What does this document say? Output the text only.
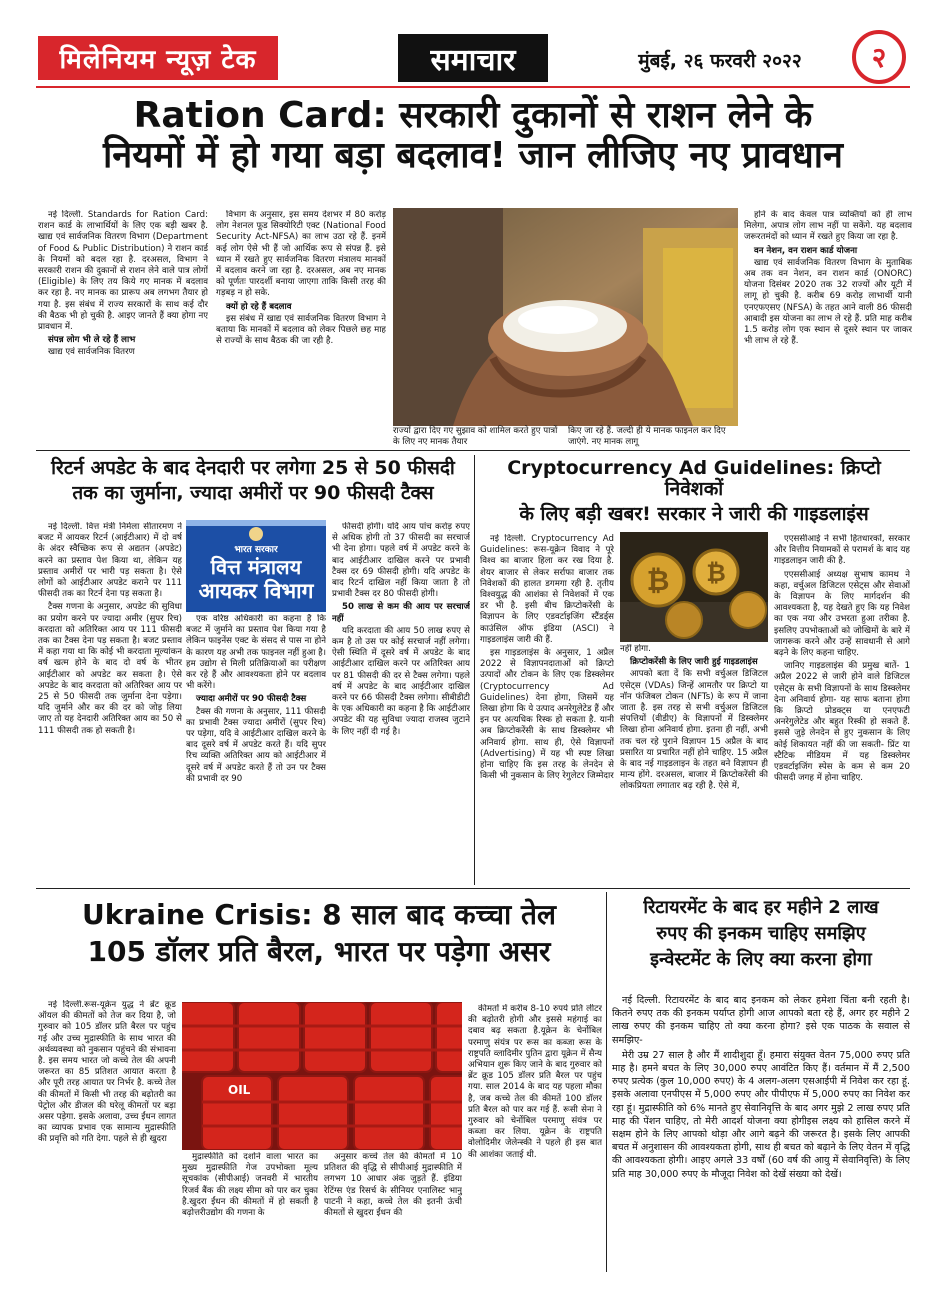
मिलेनियम न्यूज़ टेक	समाचार	मुंबई, २६ फरवरी २०२२ २
Ration Card: सरकारी दुकानों से राशन लेने के
नियमों में हो गया बड़ा बदलाव! जान लीजिए नए प्रावधान

नई दिल्ली. Standards for Ration Card: राशन कार्ड के लाभार्थियों के लिए एक बड़ी खबर है. खाद्य एवं सार्वजनिक वितरण विभाग (Department of Food & Public Distribution) ने राशन कार्ड के नियमों को बदल रहा है. दरअसल, विभाग ने सरकारी राशन की दुकानों से राशन लेने वाले पात्र लोगों (Eligible) के लिए तय किये गए मानक में बदलाव कर रहा है. नए मानक का प्रारूप अब लगभग तैयार हो गया है. इस संबंध में राज्य सरकारों के साथ कई दौर की बैठक भी हो चुकी है. आइए जानते हैं क्या होगा नए प्रावधान में.

संपन्न लोग भी ले रहे हैं लाभ

खाद्य एवं सार्वजनिक वितरण

विभाग के अनुसार, इस समय देशभर में 80 करोड़ लोग नेशनल फूड सिक्योरिटी एक्ट (National Food Security Act-NFSA) का लाभ उठा रहे हैं. इनमें कई लोग ऐसे भी हैं जो आर्थिक रूप से संपन्न हैं. इसे ध्यान में रखते हुए सार्वजनिक वितरण मंत्रालय मानकों में बदलाव करने जा रहा है. दरअसल, अब नए मानक को पूर्णतः पारदर्शी बनाया जाएगा ताकि किसी तरह की गड़बड़ न हो सके.

क्यों हो रहे हैं बदलाव

इस संबंध में खाद्य एवं सार्वजनिक वितरण विभाग ने बताया कि मानकों में बदलाव को लेकर पिछले छह माह से राज्यों के साथ बैठक की जा रही है.

राज्यों द्वारा दिए गए सुझाव को शामिल करते हुए पात्रों के लिए नए मानक तैयार
किए जा रहे हैं. जल्दी ही ये मानक फाइनल कर दिए जाएंगे. नए मानक लागू

होने के बाद केवल पात्र व्यक्तियों को ही लाभ मिलेगा, अपात्र लोग लाभ नहीं पा सकेंगे. यह बदलाव जरूरतमंदों को ध्यान में रखते हुए किया जा रहा है.

वन नेशन, वन राशन कार्ड योजना

खाद्य एवं सार्वजनिक वितरण विभाग के मुताबिक अब तक वन नेशन, वन राशन कार्ड (ONORC) योजना दिसंबर 2020 तक 32 राज्यों और यूटी में लागू हो चुकी है. करीब 69 करोड़ लाभार्थी यानी एनएफएसए (NFSA) के तहत आने वाली 86 फीसदी आबादी इस योजना का लाभ ले रहे हैं. प्रति माह करीब 1.5 करोड़ लोग एक स्थान से दूसरे स्थान पर जाकर भी लाभ ले रहे हैं.

रिटर्न अपडेट के बाद देनदारी पर लगेगा 25 से 50 फीसदी
तक का जुर्माना, ज्यादा अमीरों पर 90 फीसदी टैक्स

नई दिल्ली. वित्त मंत्री निर्मला सीतारमण ने बजट में आयकर रिटर्न (आईटीआर) में दो वर्ष के अंदर स्वैच्छिक रूप से अद्यतन (अपडेट) करने का प्रस्ताव पेश किया था, लेकिन यह प्रस्ताव अमीरों पर भारी पड़ सकता है। ऐसे लोगों को आईटीआर अपडेट कराने पर 111 फीसदी तक का रिटर्न देना पड़ सकता है।

टैक्स गणना के अनुसार, अपडेट की सुविधा का प्रयोग करने पर ज्यादा अमीर (सुपर रिच) करदाता को अतिरिक्त आय पर 111 फीसदी तक का टैक्स देना पड़ सकता है। बजट प्रस्ताव में कहा गया था कि कोई भी करदाता मूल्यांकन वर्ष खत्म होने के बाद दो वर्ष के भीतर आईटीआर को अपडेट कर सकता है। ऐसे अपडेट के बाद करदाता को अतिरिक्त आय पर 25 से 50 फीसदी तक जुर्माना देना पड़ेगा। यदि जुर्माने और कर की दर को जोड़ लिया जाए तो यह देनदारी अतिरिक्त आय का 50 से 111 फीसदी तक हो सकती है।

भारत सरकार
वित्त मंत्रालय
आयकर विभाग

एक वरिष्ठ अधिकारी का कहना है कि बजट में जुर्माने का प्रस्ताव पेश किया गया है लेकिन फाइनेंस एक्ट के संसद से पास ना होने के कारण यह अभी तक फाइनल नहीं हुआ है। हम उद्योग से मिली प्रतिक्रियाओं का परीक्षण कर रहे हैं और आवश्यकता होने पर बदलाव भी करेंगे।

ज्यादा अमीरों पर 90 फीसदी टैक्स

टैक्स की गणना के अनुसार, 111 फीसदी का प्रभावी टैक्स ज्यादा अमीरों (सुपर रिच) पर पड़ेगा, यदि वे आईटीआर दाखिल करने के बाद दूसरे वर्ष में अपडेट करते हैं। यदि सुपर रिच व्यक्ति अतिरिक्त आय को आईटीआर में दूसरे वर्ष में अपडेट करते हैं तो उन पर टैक्स की प्रभावी दर 90

फीसदी होगी। यदि आय पांच करोड़ रुपए से अधिक होगी तो 37 फीसदी का सरचार्ज भी देना होगा। पहले वर्ष में अपडेट करने के बाद आईटीआर दाखिल करने पर प्रभावी टैक्स दर 69 फीसदी होगी। यदि अपडेट के बाद रिटर्न दाखिल नहीं किया जाता है तो प्रभावी टैक्स दर 80 फीसदी होगी।

50 लाख से कम की आय पर सरचार्ज नहीं

यदि करदाता की आय 50 लाख रुपए से कम है तो उस पर कोई सरचार्ज नहीं लगेगा। ऐसी स्थिति में दूसरे वर्ष में अपडेट के बाद आईटीआर दाखिल करने पर अतिरिक्त आय पर 81 फीसदी की दर से टैक्स लगेगा। पहले वर्ष में अपडेट के बाद आईटीआर दाखिल करने पर 66 फीसदी टैक्स लगेगा। सीबीडीटी के एक अधिकारी का कहना है कि आईटीआर अपडेट की यह सुविधा ज्यादा राजस्व जुटाने के लिए नहीं दी गई है।

Cryptocurrency Ad Guidelines: क्रिप्टो निवेशकों
के लिए बड़ी खबर! सरकार ने जारी की गाइडलाइंस

नई दिल्ली. Cryptocurrency Ad Guidelines: रूस-यूक्रेन विवाद ने पूरे विश्व का बाजार हिला कर रख दिया है. शेयर बाजार से लेकर सर्राफा बाजार तक निवेशकों की हालत डगमगा रही है. तृतीय विश्वयुद्ध की आशंका से निवेशकों में एक डर भी है. इसी बीच क्रिप्टोकरेंसी के विज्ञापन के लिए एडवर्टाइजिंग स्टैंडर्ड्स काउंसिल ऑफ इंडिया (ASCI) ने गाइडलाइंस जारी की हैं.

इस गाइडलाइंस के अनुसार, 1 अप्रैल 2022 से विज्ञापनदाताओं को क्रिप्टो उत्पादों और टोकन के लिए एक डिस्क्लेमर (Cryptocurrency Ad Guidelines) देना होगा, जिसमें यह लिखा होगा कि ये उत्पाद अनरेगुलेटेड हैं और इन पर अत्यधिक रिस्क हो सकता है. यानी अब क्रिप्टोकरेंसी के साथ डिस्क्लेमर भी अनिवार्य होगा. साथ ही, ऐसे विज्ञापनों (Advertising) में यह भी स्पष्ट लिखा होना चाहिए कि इस तरह के लेनदेन से किसी भी नुकसान के लिए रेगुलेटर जिम्मेदार

₿ ₿

नहीं होगा.

क्रिप्टोकरेंसी के लिए जारी हुई गाइडलाइंस

आपको बता दें कि सभी वर्चुअल डिजिटल एसेट्स (VDAs) जिन्हें आमतौर पर क्रिप्टो या नॉन फंजिबल टोकन (NFTs) के रूप में जाना जाता है. इस तरह से सभी वर्चुअल डिजिटल संपत्तियों (वीडीए) के विज्ञापनों में डिस्क्लेमर लिखा होना अनिवार्य होगा. इतना ही नहीं, अभी तक चल रहे पुराने विज्ञापन 15 अप्रैल के बाद प्रसारित या प्रचारित नहीं होने चाहिए. 15 अप्रैल के बाद नई गाइडलाइन के तहत बने विज्ञापन ही मान्य होंगे. दरअसल, बाजार में क्रिप्टोकरेंसी की लोकप्रियता लगातार बढ़ रही है. ऐसे में,

एएससीआई ने सभी हितधारकों, सरकार और वित्तीय नियामकों से परामर्श के बाद यह गाइडलाइन जारी की है.

एएससीआई अध्यक्ष सुभाष कामथ ने कहा, वर्चुअल डिजिटल एसेट्स और सेवाओं के विज्ञापन के लिए मार्गदर्शन की आवश्यकता है, यह देखते हुए कि यह निवेश का एक नया और उभरता हुआ तरीका है. इसलिए उपभोक्ताओं को जोखिमों के बारे में जागरूक करने और उन्हें सावधानी से आगे बढ़ने के लिए कहना चाहिए.

जानिए गाइडलाइंस की प्रमुख बातें- 1 अप्रैल 2022 से जारी होने वाले डिजिटल एसेट्स के सभी विज्ञापनों के साथ डिस्क्लेमर देना अनिवार्य होगा- यह साफ बताना होगा कि क्रिप्टो प्रोडक्ट्स या एनएफटी अनरेगुलेटेड और बहुत रिस्की हो सकते हैं. इससे जुड़े लेनदेन से हुए नुकसान के लिए कोई शिकायत नहीं की जा सकती- प्रिंट या स्टैटिक मीडियम में यह डिस्क्लेमर एडवर्टाइजिंग स्पेस के कम से कम 20 फीसदी जगह में होना चाहिए.

Ukraine Crisis: 8 साल बाद कच्चा तेल
105 डॉलर प्रति बैरल, भारत पर पड़ेगा असर

नई दिल्ली.रूस-यूक्रेन युद्ध ने ब्रेंट क्रूड ऑयल की कीमतों को तेज कर दिया है, जो गुरुवार को 105 डॉलर प्रति बैरल पर पहुंच गई और उच्च मुद्रास्फीति के साथ भारत की अर्थव्यवस्था को नुकसान पहुंचने की संभावना है. इस समय भारत जो कच्चे तेल की अपनी जरूरत का 85 प्रतिशत आयात करता है और पूरी तरह आयात पर निर्भर है. कच्चे तेल की कीमतों में किसी भी तरह की बढ़ोतरी का पेट्रोल और डीजल की घरेलू कीमतों पर बड़ा असर पड़ेगा. इसके अलावा, उच्च ईंधन लागत का व्यापक प्रभाव एक सामान्य मुद्रास्फीति की प्रवृत्ति को गति देगा. पहले से ही खुदरा

OIL

मुद्रास्फीति को दर्शाने वाला भारत का मुख्य मुद्रास्फीति गेज उपभोक्ता मूल्य सूचकांक (सीपीआई) जनवरी में भारतीय रिजर्व बैंक की लक्ष्य सीमा को पार कर चुका है.खुदरा ईंधन की कीमतों में हो सकती है बढ़ोत्तरीउद्योग की गणना के

अनुसार कच्चे तेल की कीमतों में 10 प्रतिशत की वृद्धि से सीपीआई मुद्रास्फीति में लगभग 10 आधार अंक जुड़ते हैं. इंडिया रेटिंग्स एंड रिसर्च के सीनियर एनालिस्ट भानु पाटनी ने कहा, कच्चे तेल की इतनी ऊंची कीमतों से खुदरा ईंधन की

कीमतों में करीब 8-10 रुपये प्रति लीटर की बढ़ोतरी होगी और इससे महंगाई का दबाव बढ़ सकता है.यूक्रेन के चेर्नोबिल परमाणु संयंत्र पर रूस का कब्जा रूस के राष्ट्रपति व्लादिमीर पुतिन द्वारा यूक्रेन में सैन्य अभियान शुरू किए जाने के बाद गुरुवार को ब्रेंट क्रूड 105 डॉलर प्रति बैरल पर पहुंच गया. साल 2014 के बाद यह पहला मौका है, जब कच्चे तेल की कीमतें 100 डॉलर प्रति बैरल को पार कर गई हैं. रूसी सेना ने गुरुवार को चेर्नोबिल परमाणु संयंत्र पर कब्जा कर लिया. यूक्रेन के राष्ट्रपति वोलोदिमीर जेलेन्स्की ने पहले ही इस बात की आशंका जताई थी.

रिटायरमेंट के बाद हर महीने 2 लाख
रुपए की इनकम चाहिए समझिए
इन्वेस्टमेंट के लिए क्या करना होगा

नई दिल्ली. रिटायरमेंट के बाद बाद इनकम को लेकर हमेशा चिंता बनी रहती है। कितने रुपए तक की इनकम पर्याप्त होगी आज आपको बता रहे हैं, अगर हर महीने 2 लाख रुपए की इनकम चाहिए तो क्या करना होगा? इसे एक पाठक के सवाल से समझिए-

मेरी उम्र 27 साल है और मैं शादीशुदा हूँ। हमारा संयुक्त वेतन 75,000 रुपए प्रति माह है। हमने बचत के लिए 30,000 रुपए आवंटित किए हैं। वर्तमान में मैं 2,500 रुपए प्रत्येक (कुल 10,000 रुपए) के 4 अलग-अलग एसआईपी में निवेश कर रहा हूं. इसके अलावा एनपीएस में 5,000 रुपए और पीपीएफ में 5,000 रुपए का निवेश कर रहा हूं। मुद्रास्फीति को 6% मानते हुए सेवानिवृत्ति के बाद अगर मुझे 2 लाख रुपए प्रति माह की पेंशन चाहिए, तो मेरी आदर्श योजना क्या होगीइस लक्ष्य को हासिल करने में सक्षम होने के लिए आपको थोड़ा और आगे बढ़ने की जरूरत है। इसके लिए आपकी बचत में अनुशासन की आवश्यकता होगी, साथ ही बचत को बढ़ाने के लिए वेतन में वृद्धि की आवश्यकता होगी। आइए अगले 33 वर्षों (60 वर्ष की आयु में सेवानिवृत्ति) के लिए प्रति माह 30,000 रुपए के मौजूदा निवेश को देखें संख्या को देखें।
